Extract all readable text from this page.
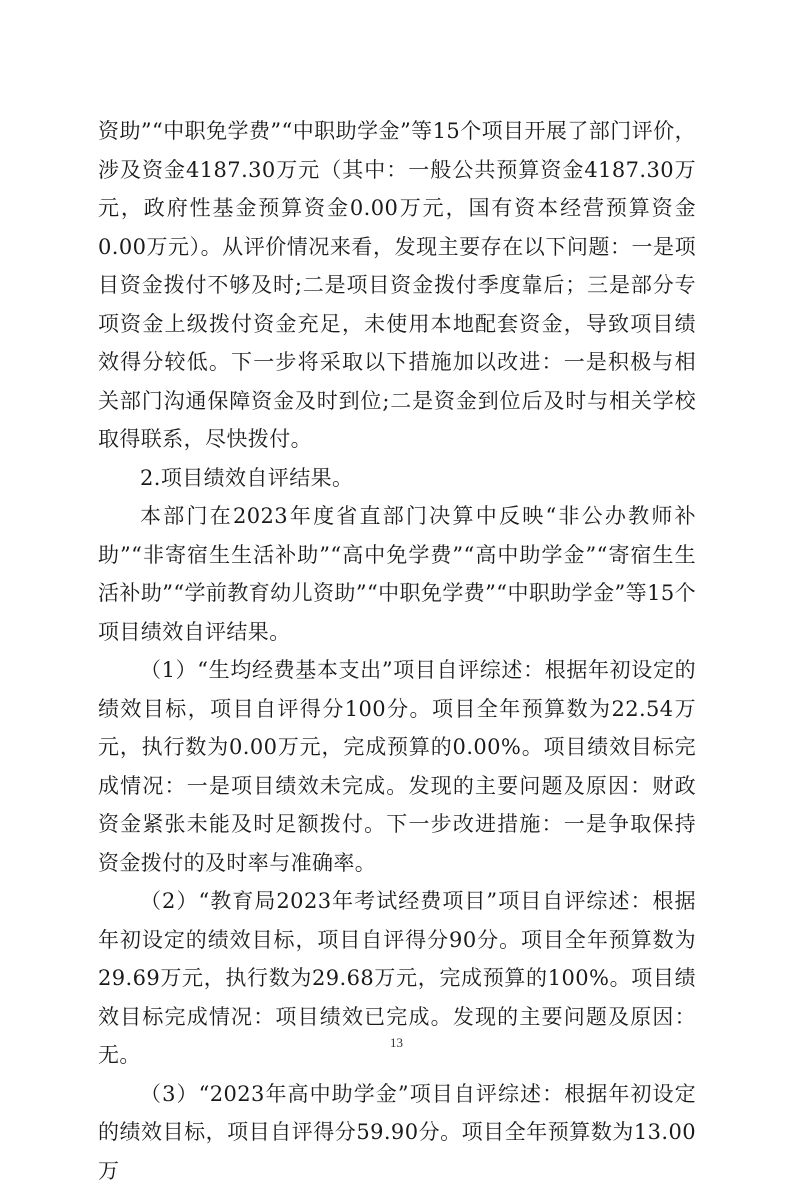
资助”“中职免学费”“中职助学金”等15个项目开展了部门评价，涉及资金4187.30万元（其中：一般公共预算资金4187.30万元，政府性基金预算资金0.00万元，国有资本经营预算资金0.00万元）。从评价情况来看，发现主要存在以下问题：一是项目资金拨付不够及时;二是项目资金拨付季度靠后；三是部分专项资金上级拨付资金充足，未使用本地配套资金，导致项目绩效得分较低。下一步将采取以下措施加以改进：一是积极与相关部门沟通保障资金及时到位;二是资金到位后及时与相关学校取得联系，尽快拨付。

2.项目绩效自评结果。

本部门在2023年度省直部门决算中反映“非公办教师补助”“非寄宿生生活补助”“高中免学费”“高中助学金”“寄宿生生活补助”“学前教育幼儿资助”“中职免学费”“中职助学金”等15个项目绩效自评结果。

（1）“生均经费基本支出”项目自评综述：根据年初设定的绩效目标，项目自评得分100分。项目全年预算数为22.54万元，执行数为0.00万元，完成预算的0.00%。项目绩效目标完成情况：一是项目绩效未完成。发现的主要问题及原因：财政资金紧张未能及时足额拨付。下一步改进措施：一是争取保持资金拨付的及时率与准确率。

（2）“教育局2023年考试经费项目”项目自评综述：根据年初设定的绩效目标，项目自评得分90分。项目全年预算数为29.69万元，执行数为29.68万元，完成预算的100%。项目绩效目标完成情况：项目绩效已完成。发现的主要问题及原因：无。

（3）“2023年高中助学金”项目自评综述：根据年初设定的绩效目标，项目自评得分59.90分。项目全年预算数为13.00万

13
